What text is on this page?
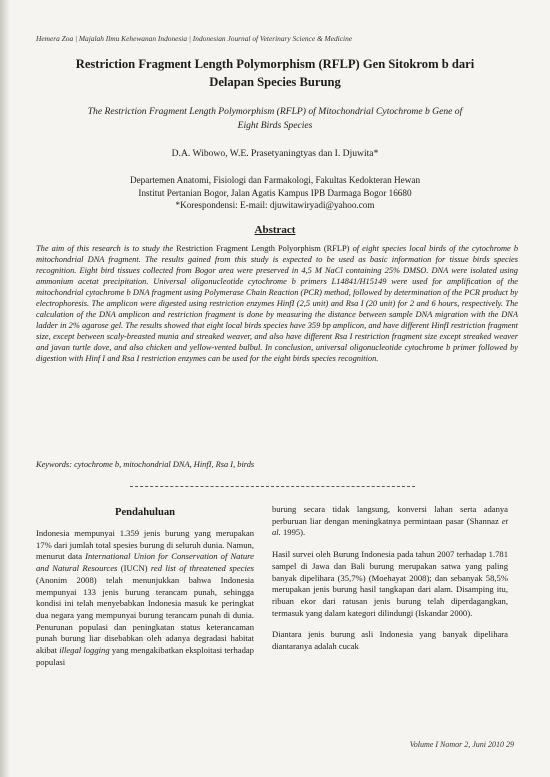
Hemera Zoa | Majalah Ilmu Kehewanan Indonesia | Indonesian Journal of Veterinary Science & Medicine
Restriction Fragment Length Polymorphism (RFLP) Gen Sitokrom b dari
Delapan Species Burung
The Restriction Fragment Length Polymorphism (RFLP) of Mitochondrial Cytochrome b Gene of
Eight Birds Species
D.A. Wibowo, W.E. Prasetyaningtyas dan I. Djuwita*
Departemen Anatomi, Fisiologi dan Farmakologi, Fakultas Kedokteran Hewan
Institut Pertanian Bogor, Jalan Agatis Kampus IPB Darmaga Bogor 16680
*Korespondensi: E-mail: djuwitawiryadi@yahoo.com
Abstract
The aim of this research is to study the Restriction Fragment Length Polyorphism (RFLP) of eight species local birds of the cytochrome b mitochondrial DNA fragment. The results gained from this study is expected to be used as basic information for tissue birds species recognition. Eight bird tissues collected from Bogor area were preserved in 4,5 M NaCl containing 25% DMSO. DNA were isolated using ammonium acetat precipitation. Universal oligonucleotide cytochrome b primers L14841/H15149 were used for amplification of the mitochondrial cytochrome b DNA fragment using Polymerase Chain Reaction (PCR) method, followed by determination of the PCR product by electrophoresis. The amplicon were digested using restriction enzymes HinfI (2,5 unit) and Rsa I (20 unit) for 2 and 6 hours, respectively. The calculation of the DNA amplicon and restriction fragment is done by measuring the distance between sample DNA migration with the DNA ladder in 2% agarose gel. The results showed that eight local birds species have 359 bp amplicon, and have different HinfI restriction fragment size, except between scaly-breasted munia and streaked weaver, and also have different Rsa I restriction fragment size except streaked weaver and javan turtle dove, and also chicken and yellow-vented bulbul. In conclusion, universal oligonucleotide cytochrome b primer followed by digestion with Hinf I and Rsa I restriction enzymes can be used for the eight birds species recognition.
Keywords: cytochrome b, mitochondrial DNA, HinfI, Rsa I, birds
Pendahuluan

Indonesia mempunyai 1.359 jenis burung yang merupakan 17% dari jumlah total spesies burung di seluruh dunia. Namun, menurut data International Union for Conservation of Nature and Natural Resources (IUCN) red list of threatened species (Anonim 2008) telah menunjukkan bahwa Indonesia mempunyai 133 jenis burung terancam punah, sehingga kondisi ini telah menyebabkan Indonesia masuk ke peringkat dua negara yang mempunyai burung terancam punah di dunia. Penurunan populasi dan peningkatan status keterancaman punah burung liar disebabkan oleh adanya degradasi habitat akibat illegal logging yang mengakibatkan eksploitasi terhadap populasi

burung secara tidak langsung, konversi lahan serta adanya perburuan liar dengan meningkatnya permintaan pasar (Shannaz et al. 1995).

Hasil survei oleh Burung Indonesia pada tahun 2007 terhadap 1.781 sampel di Jawa dan Bali burung merupakan satwa yang paling banyak dipelihara (35,7%) (Moehayat 2008); dan sebanyak 58,5% merupakan jenis burung hasil tangkapan dari alam. Disamping itu, ribuan ekor dari ratusan jenis burung telah diperdagangkan, termasuk yang dalam kategori dilindungi (Iskandar 2000).

Diantara jenis burung asli Indonesia yang banyak dipelihara diantaranya adalah cucak

Volume I Nomor 2, Juni 2010 29
